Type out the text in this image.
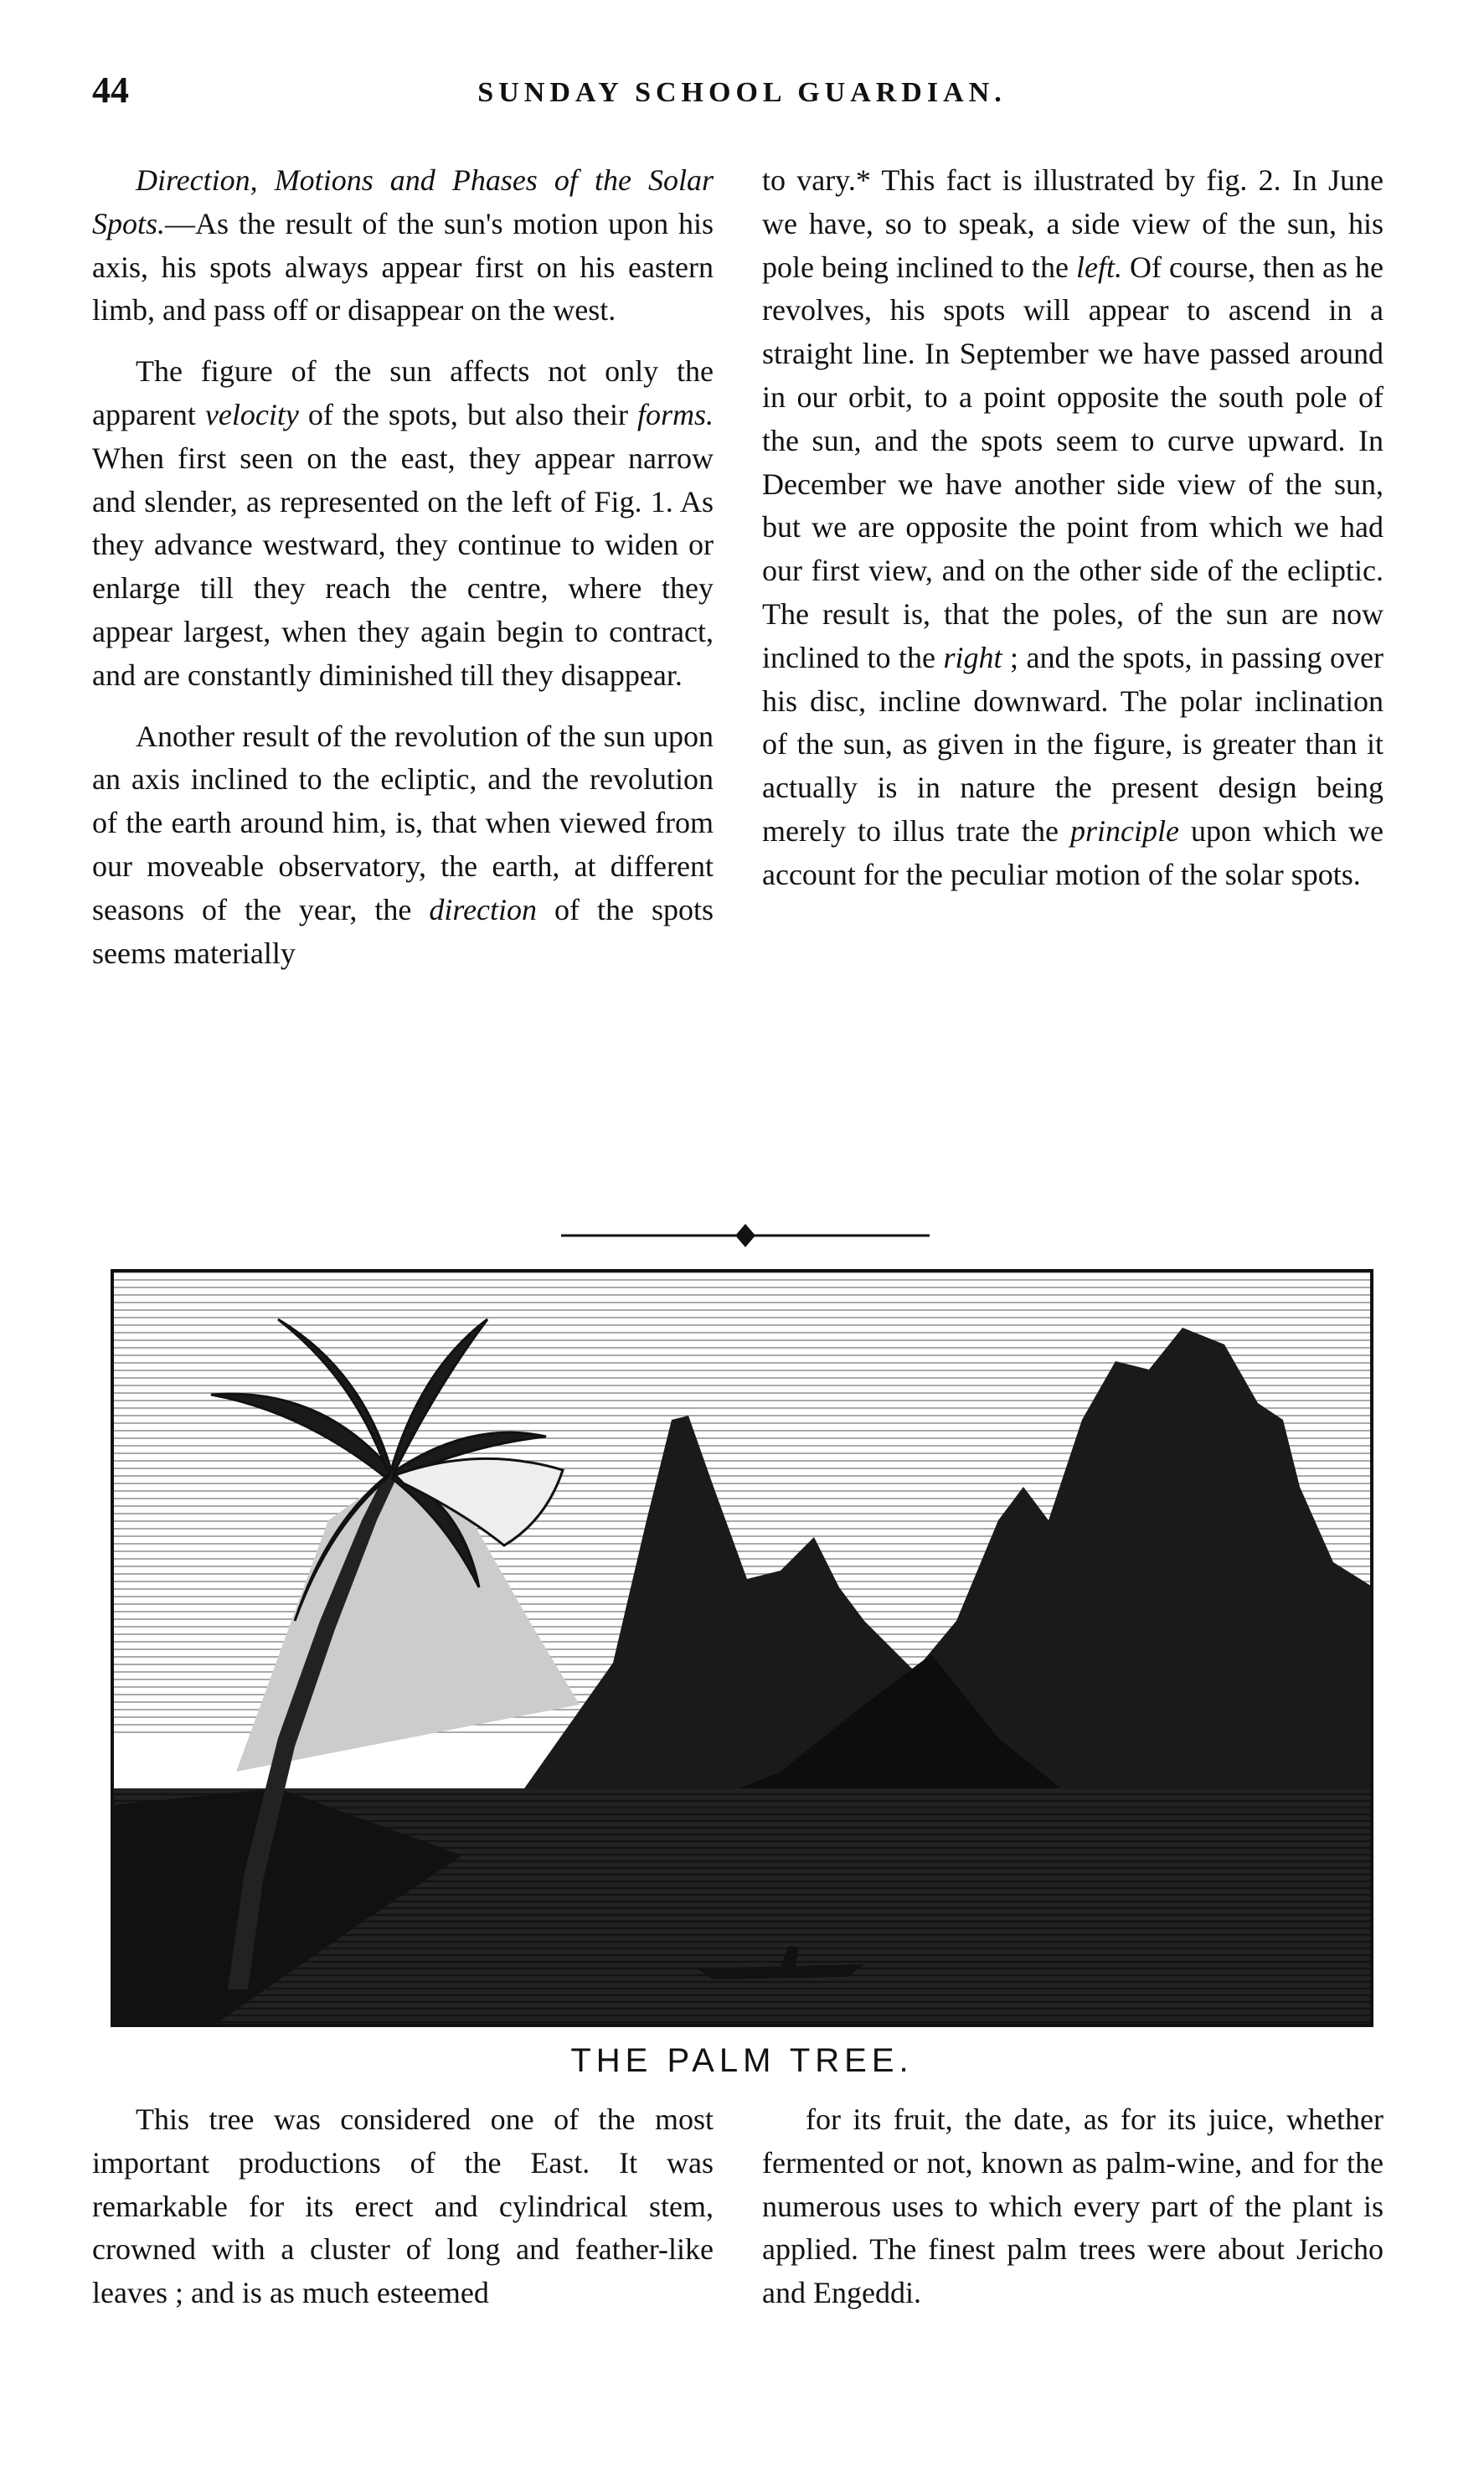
44	SUNDAY SCHOOL GUARDIAN.

Direction, Motions and Phases of the Solar Spots.—As the result of the sun's motion upon his axis, his spots always appear first on his eastern limb, and pass off or disappear on the west.

The figure of the sun affects not only the apparent velocity of the spots, but also their forms. When first seen on the east, they appear narrow and slender, as represented on the left of Fig. 1. As they advance westward, they continue to widen or enlarge till they reach the centre, where they appear largest, when they again begin to contract, and are constantly diminished till they disappear.

Another result of the revolution of the sun upon an axis inclined to the ecliptic, and the revolution of the earth around him, is, that when viewed from our moveable observatory, the earth, at different seasons of the year, the direction of the spots seems materially

to vary.* This fact is illustrated by fig. 2. In June we have, so to speak, a side view of the sun, his pole being inclined to the left. Of course, then as he revolves, his spots will appear to ascend in a straight line. In September we have passed around in our orbit, to a point opposite the south pole of the sun, and the spots seem to curve upward. In December we have another side view of the sun, but we are opposite the point from which we had our first view, and on the other side of the ecliptic. The result is, that the poles, of the sun are now inclined to the right ; and the spots, in passing over his disc, incline downward. The polar inclination of the sun, as given in the figure, is greater than it actually is in nature the present design being merely to illus trate the principle upon which we account for the peculiar motion of the solar spots.

THE PALM TREE.

This tree was considered one of the most important productions of the East. It was remarkable for its erect and cylindrical stem, crowned with a cluster of long and feather-like leaves ; and is as much esteemed

for its fruit, the date, as for its juice, whether fermented or not, known as palm-wine, and for the numerous uses to which every part of the plant is applied. The finest palm trees were about Jericho and Engeddi.
